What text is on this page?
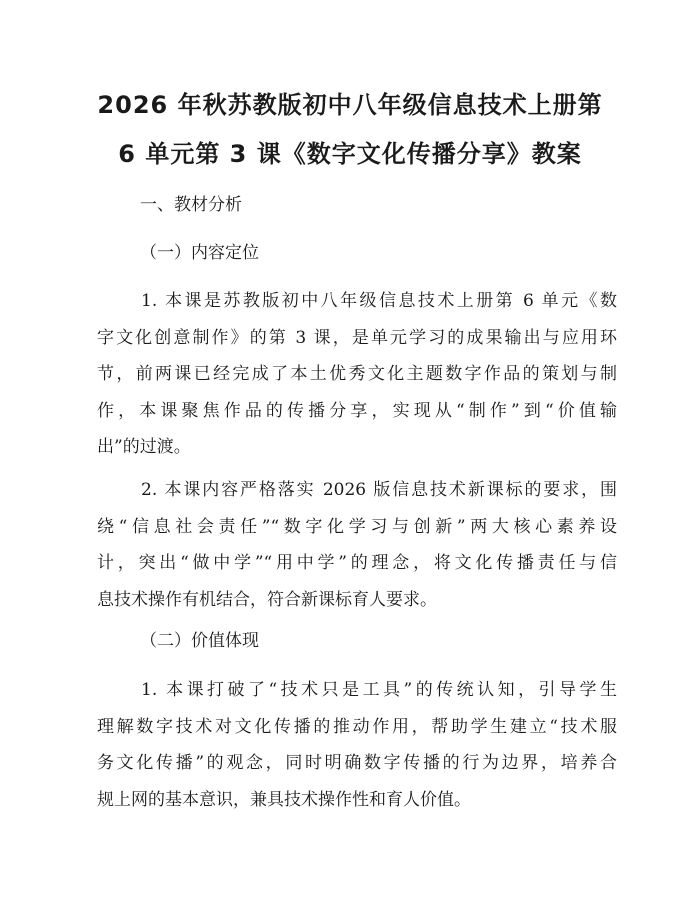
2026 年秋苏教版初中八年级信息技术上册第
6 单元第 3 课《数字文化传播分享》教案
一、教材分析
（一）内容定位
1. 本课是苏教版初中八年级信息技术上册第 6 单元《数
字文化创意制作》的第 3 课，是单元学习的成果输出与应用环
节，前两课已经完成了本土优秀文化主题数字作品的策划与制
作，本课聚焦作品的传播分享，实现从“制作”到“价值输
出”的过渡。
2. 本课内容严格落实 2026 版信息技术新课标的要求，围
绕“信息社会责任”“数字化学习与创新”两大核心素养设
计，突出“做中学”“用中学”的理念，将文化传播责任与信
息技术操作有机结合，符合新课标育人要求。
（二）价值体现
1. 本课打破了“技术只是工具”的传统认知，引导学生
理解数字技术对文化传播的推动作用，帮助学生建立“技术服
务文化传播”的观念，同时明确数字传播的行为边界，培养合
规上网的基本意识，兼具技术操作性和育人价值。
